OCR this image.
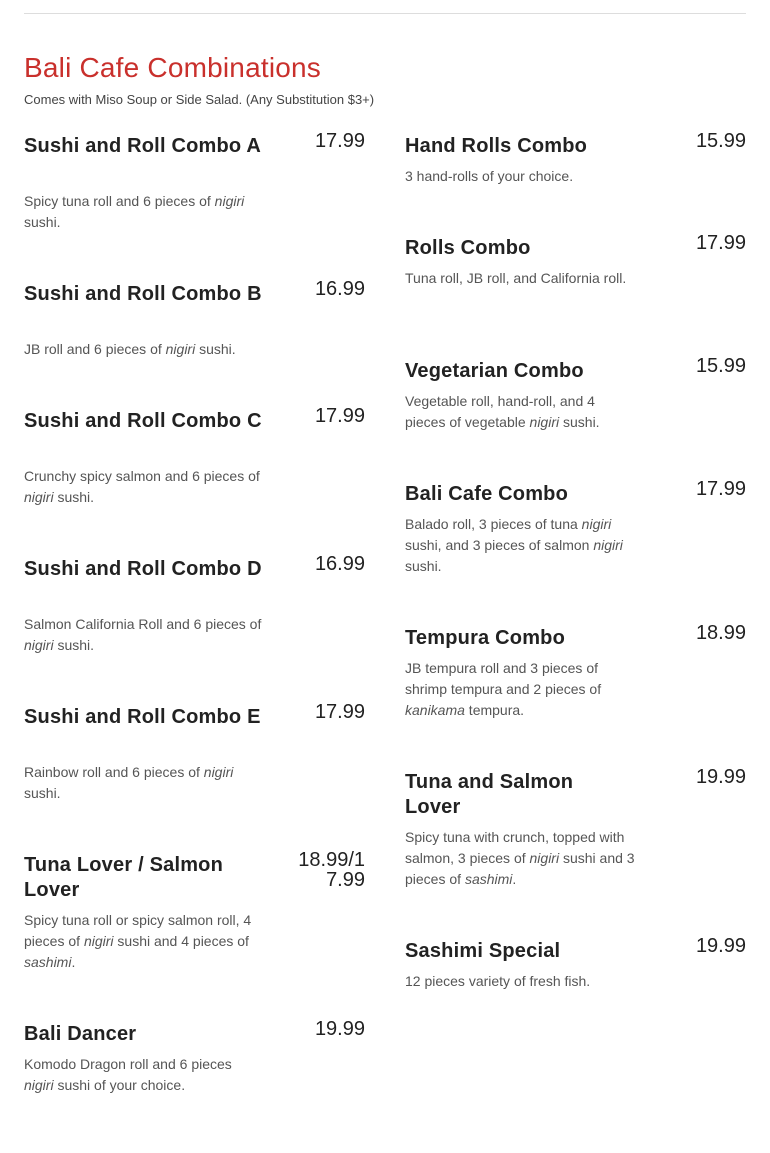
Bali Cafe Combinations

Comes with Miso Soup or Side Salad. (Any Substitution $3+)

Sushi and Roll Combo A	17.99

Spicy tuna roll and 6 pieces of nigiri sushi.

Sushi and Roll Combo B	16.99

JB roll and 6 pieces of nigiri sushi.

Sushi and Roll Combo C	17.99

Crunchy spicy salmon and 6 pieces of nigiri sushi.

Sushi and Roll Combo D	16.99

Salmon California Roll and 6 pieces of nigiri sushi.

Sushi and Roll Combo E	17.99

Rainbow roll and 6 pieces of nigiri sushi.

Tuna Lover / Salmon Lover
18.99/17.99

Spicy tuna roll or spicy salmon roll, 4 pieces of nigiri sushi and 4 pieces of sashimi.

Bali Dancer	19.99

Komodo Dragon roll and 6 pieces nigiri sushi of your choice.

Hand Rolls Combo	15.99

3 hand-rolls of your choice.

Rolls Combo	17.99

Tuna roll, JB roll, and California roll.

Vegetarian Combo	15.99

Vegetable roll, hand-roll, and 4 pieces of vegetable nigiri sushi.

Bali Cafe Combo	17.99

Balado roll, 3 pieces of tuna nigiri sushi, and 3 pieces of salmon nigiri sushi.

Tempura Combo	18.99

JB tempura roll and 3 pieces of shrimp tempura and 2 pieces of kanikama tempura.

Tuna and Salmon Lover
19.99

Spicy tuna with crunch, topped with salmon, 3 pieces of nigiri sushi and 3 pieces of sashimi.

Sashimi Special	19.99

12 pieces variety of fresh fish.
